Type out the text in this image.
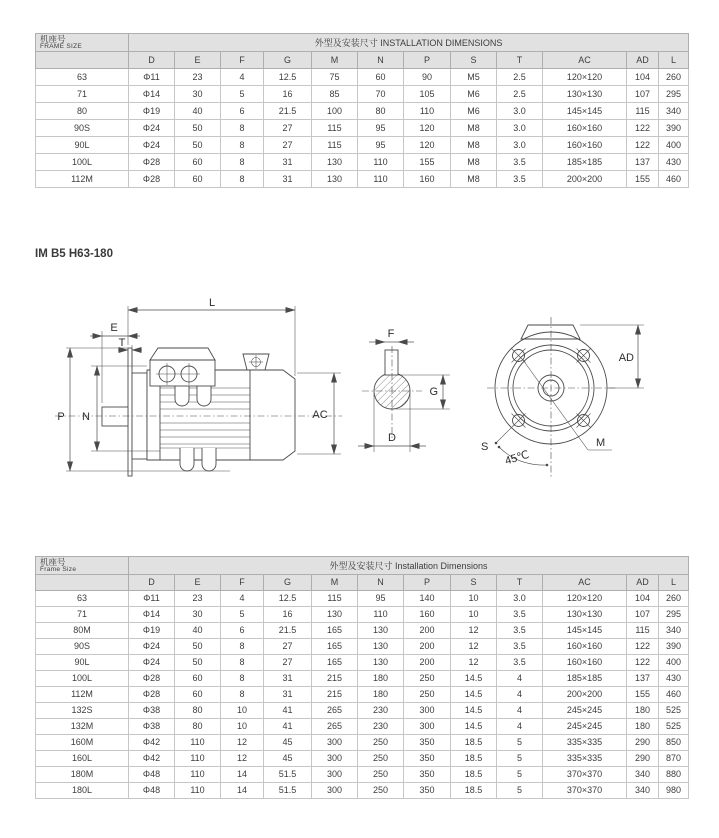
机座号
FRAME SIZE	外型及安装尺寸 INSTALLATION DIMENSIONS											
	D	E	F	G	M	N	P	S	T	AC	AD	L
63	Φ11	23	4	12.5	75	60	90	M5	2.5	120×120	104	260
71	Φ14	30	5	16	85	70	105	M6	2.5	130×130	107	295
80	Φ19	40	6	21.5	100	80	110	M6	3.0	145×145	115	340
90S	Φ24	50	8	27	115	95	120	M8	3.0	160×160	122	390
90L	Φ24	50	8	27	115	95	120	M8	3.0	160×160	122	400
100L	Φ28	60	8	31	130	110	155	M8	3.5	185×185	137	430
112M	Φ28	60	8	31	130	110	160	M8	3.5	200×200	155	460
IM B5 H63-180
L
E
T
P N	AC
F
G
D	M
S
45℃
AD
机座号
Frame Size	外型及安装尺寸 Installation Dimensions											
	D	E	F	G	M	N	P	S	T	AC	AD	L
63	Φ11	23	4	12.5	115	95	140	10	3.0	120×120	104	260
71	Φ14	30	5	16	130	110	160	10	3.5	130×130	107	295
80M	Φ19	40	6	21.5	165	130	200	12	3.5	145×145	115	340
90S	Φ24	50	8	27	165	130	200	12	3.5	160×160	122	390
90L	Φ24	50	8	27	165	130	200	12	3.5	160×160	122	400
100L	Φ28	60	8	31	215	180	250	14.5	4	185×185	137	430
112M	Φ28	60	8	31	215	180	250	14.5	4	200×200	155	460
132S	Φ38	80	10	41	265	230	300	14.5	4	245×245	180	525
132M	Φ38	80	10	41	265	230	300	14.5	4	245×245	180	525
160M	Φ42	110	12	45	300	250	350	18.5	5	335×335	290	850
160L	Φ42	110	12	45	300	250	350	18.5	5	335×335	290	870
180M	Φ48	110	14	51.5	300	250	350	18.5	5	370×370	340	880
180L	Φ48	110	14	51.5	300	250	350	18.5	5	370×370	340	980
